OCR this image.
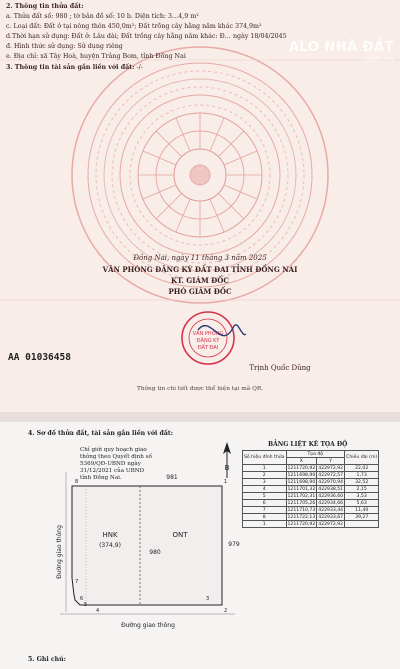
ALO NHÀ ĐẤT
.com.vn
2. Thông tin thửa đất:
a. Thửa đất số: 980 ; tờ bản đồ số: 10 b. Diện tích: 3…4,9 m²
c. Loại đất: Đất ở tại nông thôn 450,0m²; Đất trồng cây hằng năm khác 374,9m²
d.Thời hạn sử dụng: Đất ở: Lâu dài; Đất trồng cây hằng năm khác: Đ… ngày 18/04/2045
đ. Hình thức sử dụng: Sử dụng riêng
e. Địa chỉ: xã Tây Hoà, huyện Trảng Bom, tỉnh Đồng Nai
3. Thông tin tài sản gắn liền với đất: -/-
Đồng Nai, ngày 11 tháng 3 năm 2025
VĂN PHÒNG ĐĂNG KÝ ĐẤT ĐAI TỈNH ĐỒNG NAI
KT. GIÁM ĐỐC
PHÓ GIÁM ĐỐC
VĂN PHÒNG
ĐĂNG KÝ
ĐẤT ĐAI
AA 01036458
Trịnh Quốc Dũng
Thông tin chi tiết được thể hiện tại mã QR.
4. Sơ đồ thửa đất, tài sản gắn liền với đất:
Chỉ giới quy hoạch giao
thông theo Quyết định số
5369/QĐ-UBND ngày
31/12/2021 của UBND
tỉnh Đồng Nai.
B
8	1
2
3
4
5
6
7
HNK
(374,9)
ONT
980
981
979
Đường giao thông
Đường giao thông
BẢNG LIỆT KÊ TỌA ĐỘ
Số hiệu đỉnh thửa	Tọa độ		Chiều dài (m)
	X	Y	
1	1211720,92	422972,92	22,02
2	1211698,90	422972,57	1,73
3	1211698,90	422970,94	32,52
4	1211701,32	422938,51	2,15
5	1211702,31	422936,60	3,53
6	1211705,26	422934,66	5,63
7	1211710,73	422933,44	11,40
8	1211722,13	422933,67	39,27
1	1211720,92	422972,92	
5. Ghi chú:
